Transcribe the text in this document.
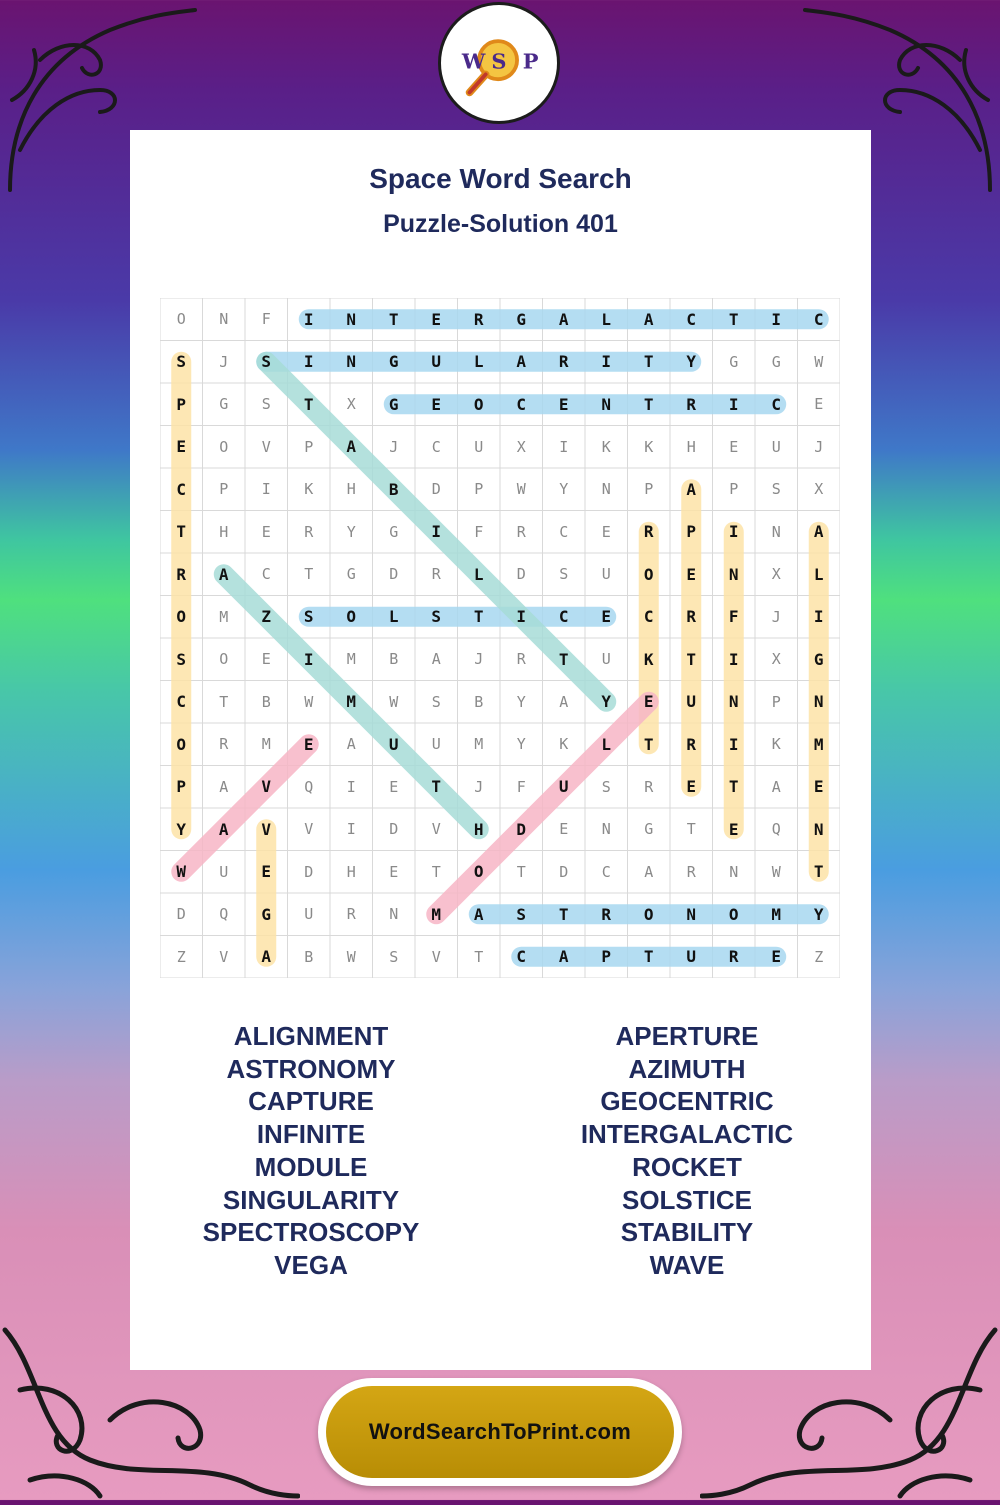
W S P
Space Word Search
Puzzle-Solution 401
O	N	F	I	N	T	E	R	G	A	L	A	C	T	I	C
S	J	S	I	N	G	U	L	A	R	I	T	Y	G	G	W
P	G	S	T	X	G	E	O	C	E	N	T	R	I	C	E
E	O	V	P	A	J	C	U	X	I	K	K	H	E	U	J
C	P	I	K	H	B	D	P	W	Y	N	P	A	P	S	X
T	H	E	R	Y	G	I	F	R	C	E	R	P	I	N	A
R	A	C	T	G	D	R	L	D	S	U	O	E	N	X	L
O	M	Z	S	O	L	S	T	I	C	E	C	R	F	J	I
S	O	E	I	M	B	A	J	R	T	U	K	T	I	X	G
C	T	B	W	M	W	S	B	Y	A	Y	E	U	N	P	N
O	R	M	E	A	U	U	M	Y	K	L	T	R	I	K	M
P	A	V	Q	I	E	T	J	F	U	S	R	E	T	A	E
Y	A	V	V	I	D	V	H	D	E	N	G	T	E	Q	N
W	U	E	D	H	E	T	O	T	D	C	A	R	N	W	T
D	Q	G	U	R	N	M	A	S	T	R	O	N	O	M	Y
Z	V	A	B	W	S	V	T	C	A	P	T	U	R	E	Z
ALIGNMENT
ASTRONOMY
CAPTURE
INFINITE
MODULE
SINGULARITY
SPECTROSCOPY
VEGA
APERTURE
AZIMUTH
GEOCENTRIC
INTERGALACTIC
ROCKET
SOLSTICE
STABILITY
WAVE
WordSearchToPrint.com
